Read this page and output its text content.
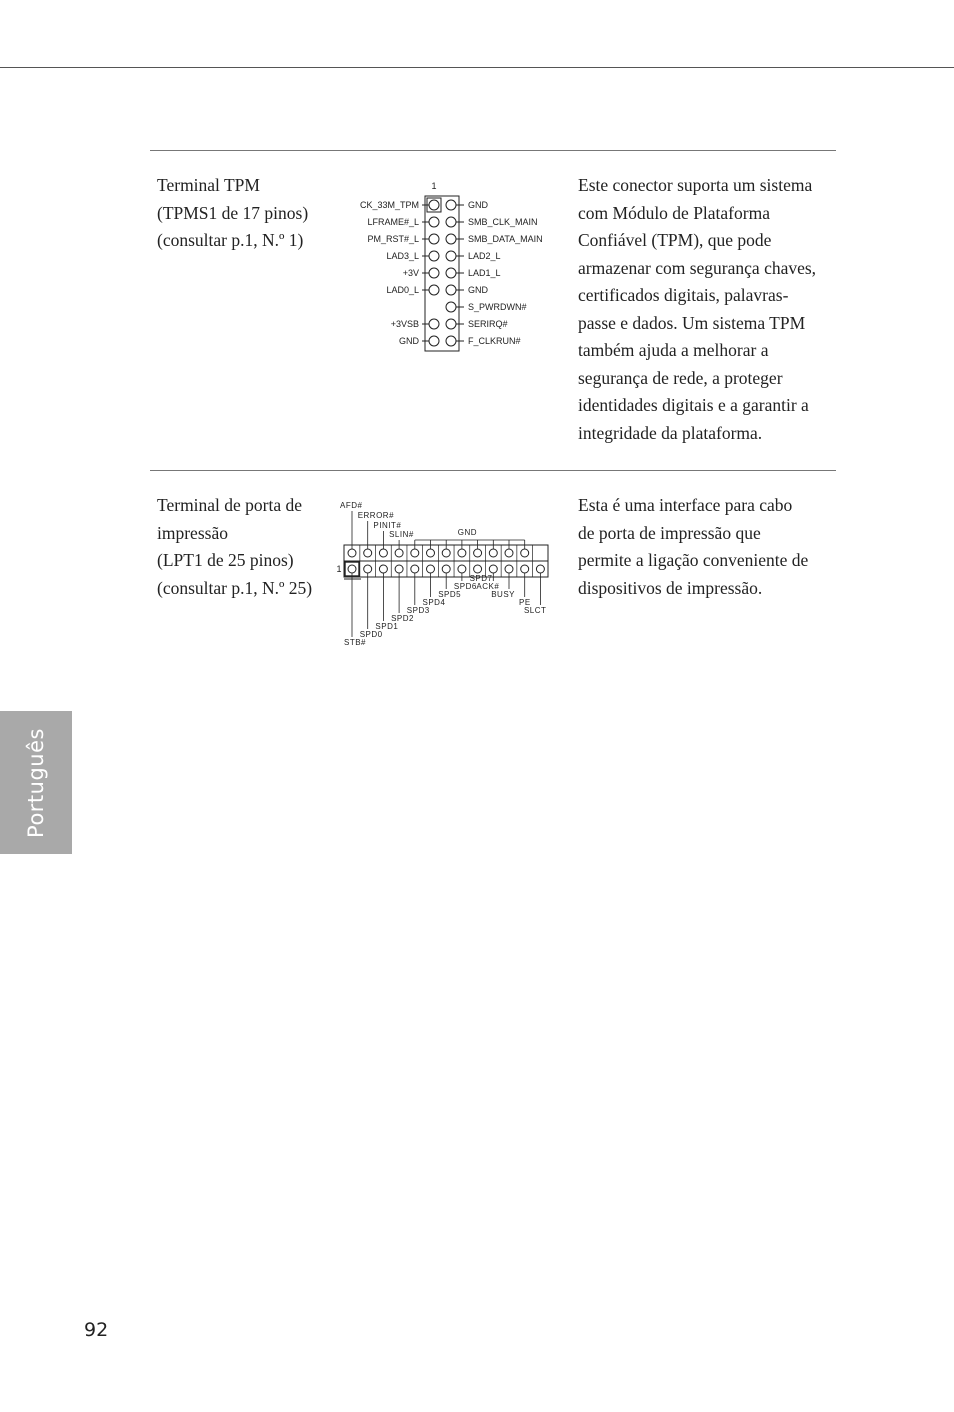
Terminal TPM
(TPMS1 de 17 pinos)
(consultar p.1, N.º 1)
Este conector suporta um sistema
com Módulo de Plataforma
Confiável (TPM), que pode
armazenar com segurança chaves,
certificados digitais, palavras-
passe e dados. Um sistema TPM
também ajuda a melhorar a
segurança de rede, a proteger
identidades digitais e a garantir a
integridade da plataforma.
1
CK_33M_TPM	GND
LFRAME#_L	SMB_CLK_MAIN
PM_RST#_L	SMB_DATA_MAIN
LAD3_L	LAD2_L
+3V	LAD1_L
LAD0_L	GND
S_PWRDWN#
+3VSB	SERIRQ#
GND	F_CLKRUN#
Terminal de porta de
impressão
(LPT1 de 25 pinos)
(consultar p.1, N.º 25)
Esta é uma interface para cabo
de porta de impressão que
permite a ligação conveniente de
dispositivos de impressão.
1
AFD#
ERROR#
PINIT#
SLIN#	GND
STB#
SPD0
SPD1
SPD2
SPD3
SPD4
SPD5
SPD6
SPD7
ACK#
BUSY
PE
SLCT
Português
92
